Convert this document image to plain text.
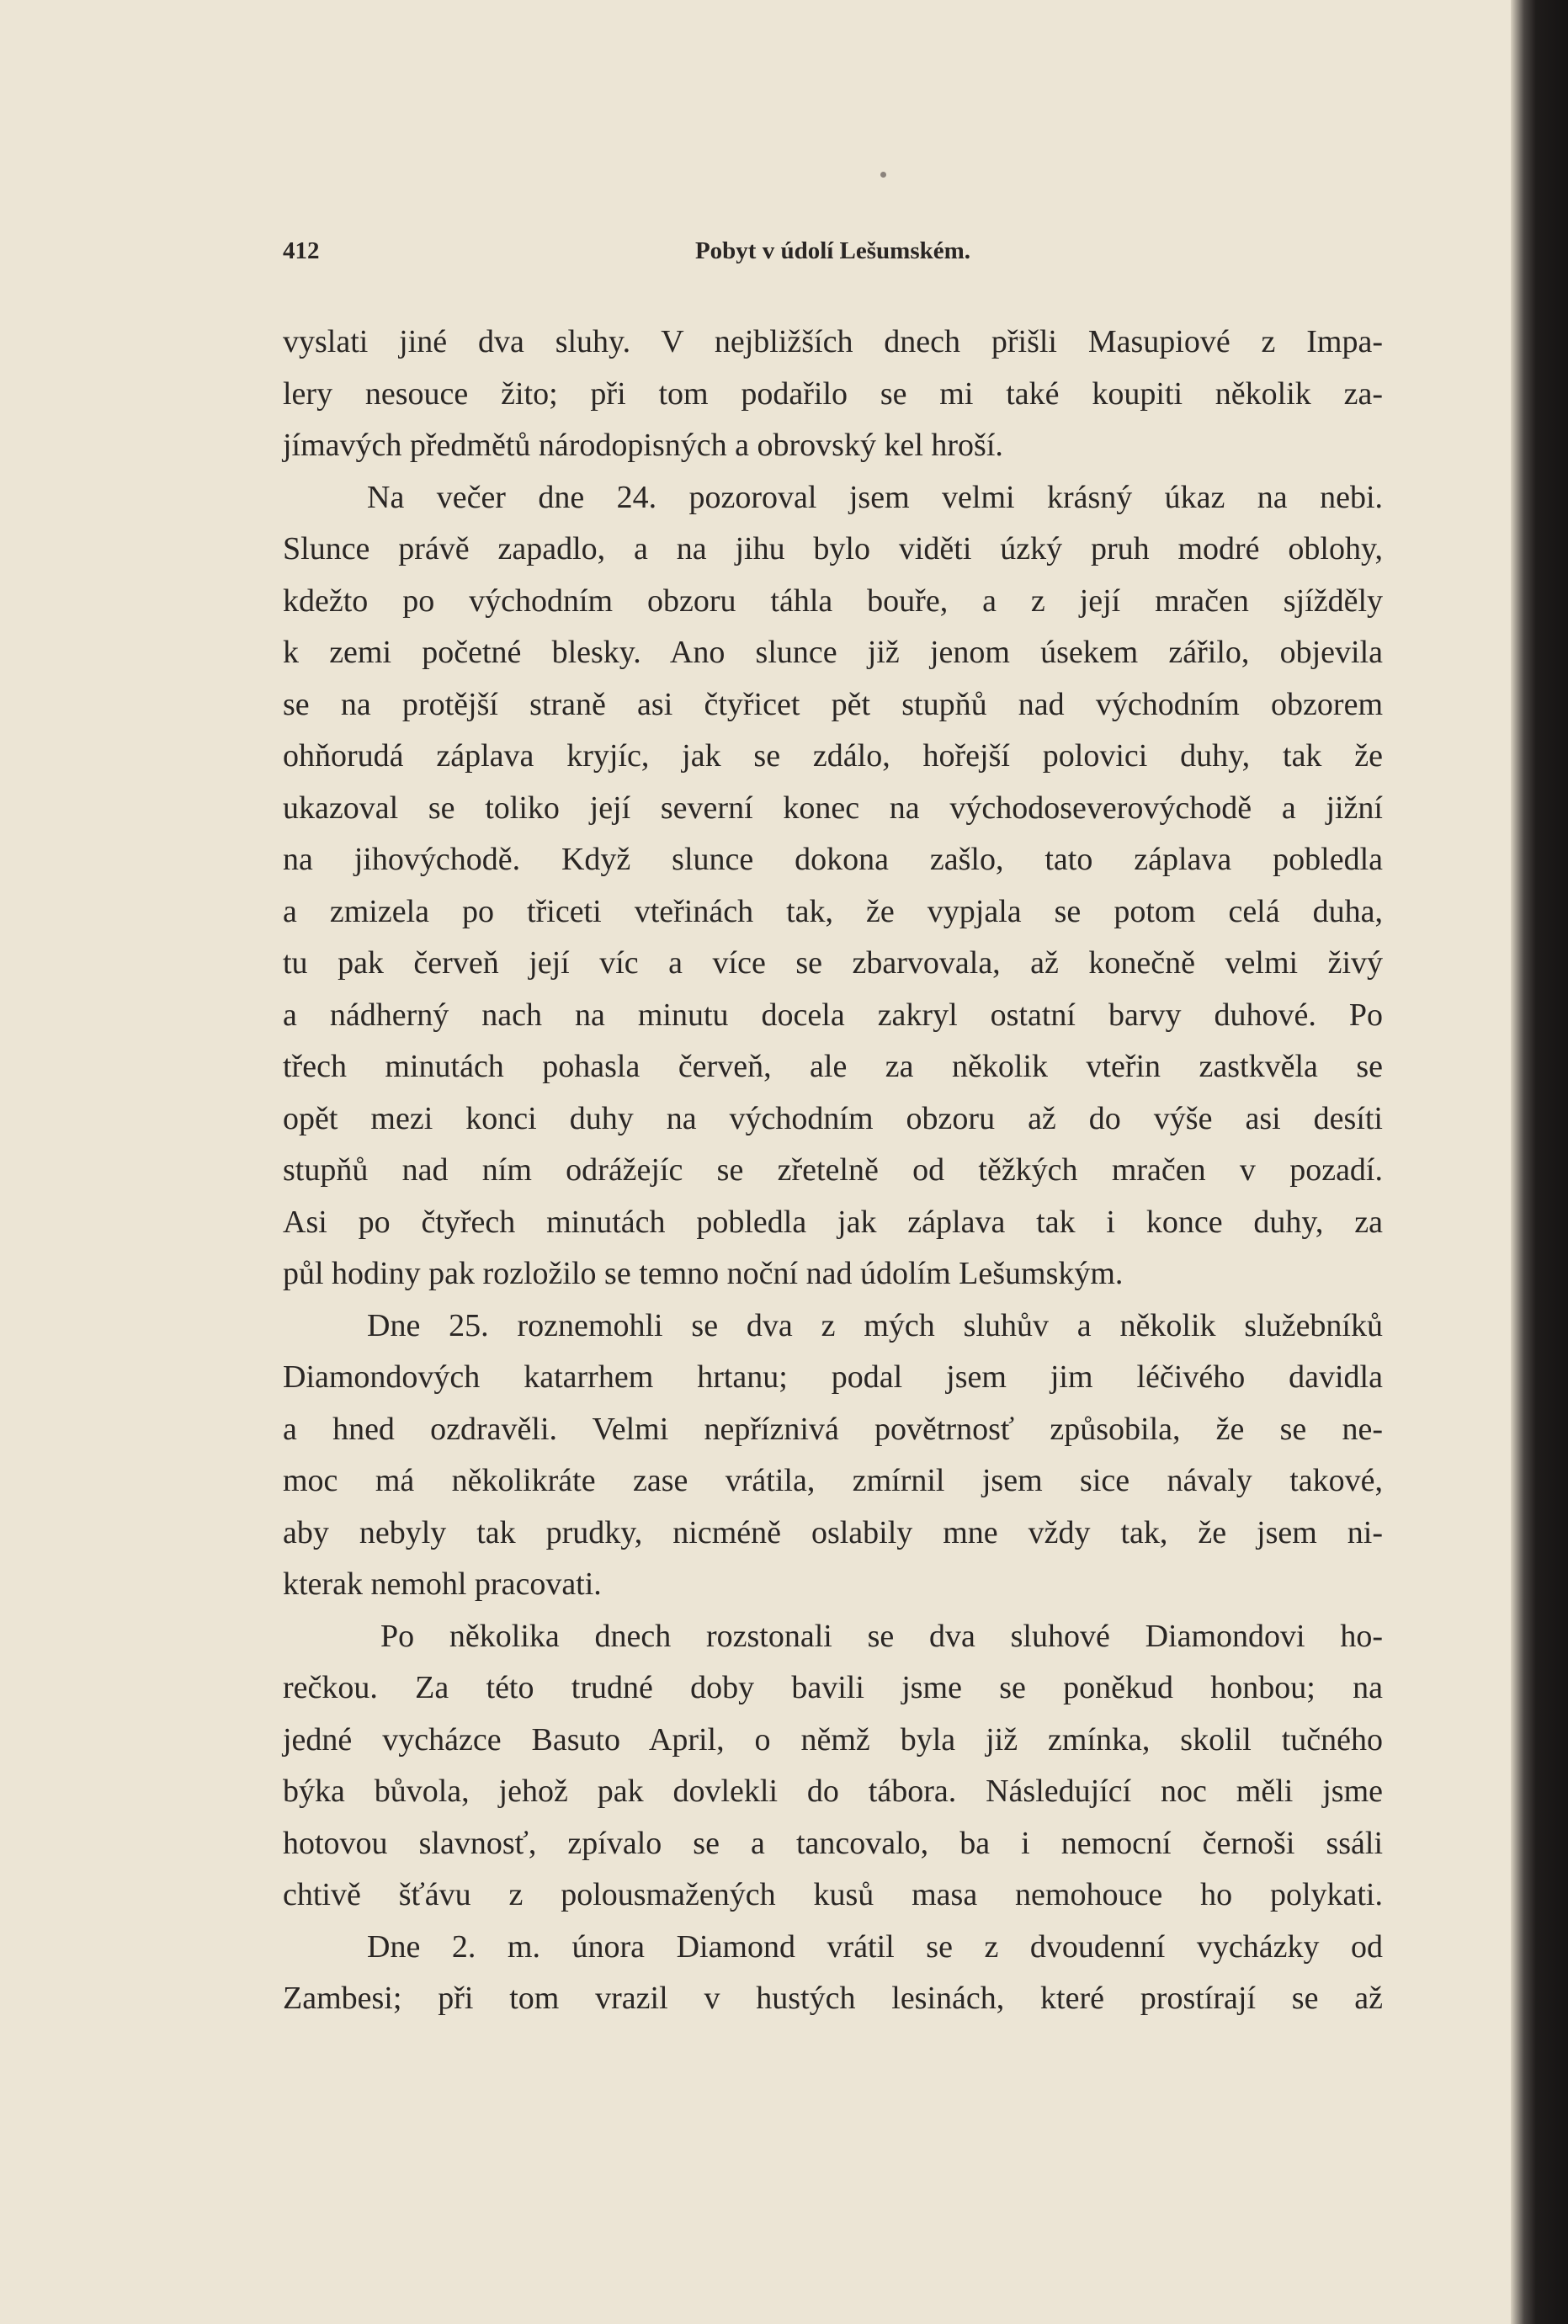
412	Pobyt v údolí Lešumském.
vyslati jiné dva sluhy. V nejbližších dnech přišli Masupiové z Impa-
lery nesouce žito; při tom podařilo se mi také koupiti několik za-
jímavých předmětů národopisných a obrovský kel hroší.
Na večer dne 24. pozoroval jsem velmi krásný úkaz na nebi.
Slunce právě zapadlo, a na jihu bylo viděti úzký pruh modré oblohy,
kdežto po východním obzoru táhla bouře, a z její mračen sjížděly
k zemi početné blesky. Ano slunce již jenom úsekem zářilo, objevila
se na protější straně asi čtyřicet pět stupňů nad východním obzorem
ohňorudá záplava kryjíc, jak se zdálo, hořejší polovici duhy, tak že
ukazoval se toliko její severní konec na východoseverovýchodě a jižní
na jihovýchodě. Když slunce dokona zašlo, tato záplava pobledla
a zmizela po třiceti vteřinách tak, že vypjala se potom celá duha,
tu pak červeň její víc a více se zbarvovala, až konečně velmi živý
a nádherný nach na minutu docela zakryl ostatní barvy duhové. Po
třech minutách pohasla červeň, ale za několik vteřin zastkvěla se
opět mezi konci duhy na východním obzoru až do výše asi desíti
stupňů nad ním odrážejíc se zřetelně od těžkých mračen v pozadí.
Asi po čtyřech minutách pobledla jak záplava tak i konce duhy, za
půl hodiny pak rozložilo se temno noční nad údolím Lešumským.
Dne 25. roznemohli se dva z mých sluhův a několik služebníků
Diamondových katarrhem hrtanu; podal jsem jim léčivého davidla
a hned ozdravěli. Velmi nepříznivá povětrnosť způsobila, že se ne-
moc má několikráte zase vrátila, zmírnil jsem sice návaly takové,
aby nebyly tak prudky, nicméně oslabily mne vždy tak, že jsem ni-
kterak nemohl pracovati.
Po několika dnech rozstonali se dva sluhové Diamondovi ho-
rečkou. Za této trudné doby bavili jsme se poněkud honbou; na
jedné vycházce Basuto April, o němž byla již zmínka, skolil tučného
býka bůvola, jehož pak dovlekli do tábora. Následující noc měli jsme
hotovou slavnosť, zpívalo se a tancovalo, ba i nemocní černoši ssáli
chtivě šťávu z polousmažených kusů masa nemohouce ho polykati.
Dne 2. m. února Diamond vrátil se z dvoudenní vycházky od
Zambesi; při tom vrazil v hustých lesinách, které prostírají se až
